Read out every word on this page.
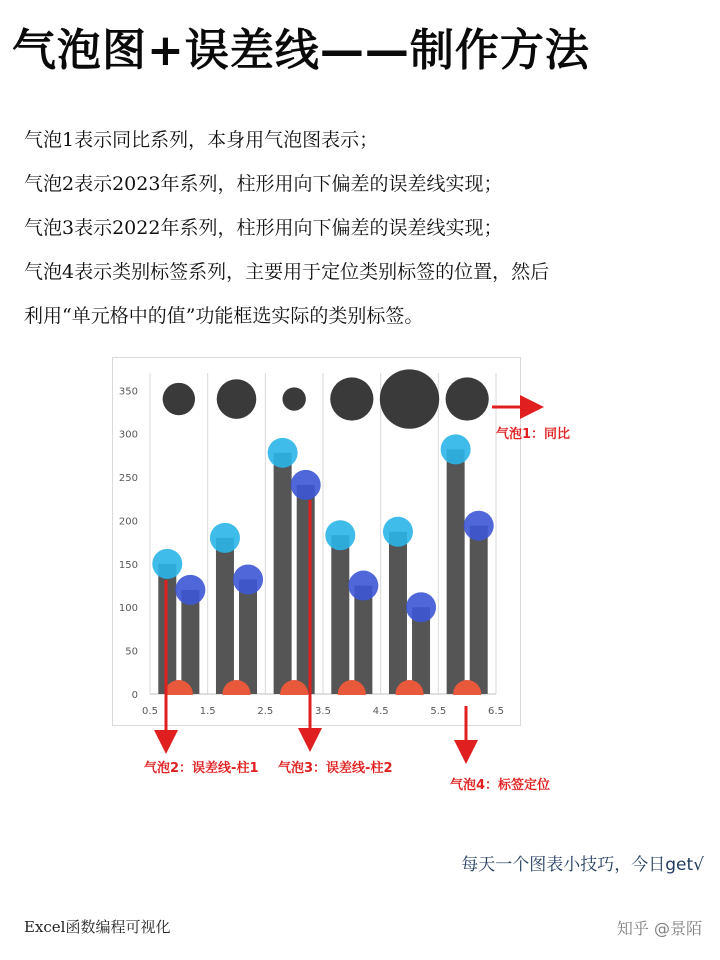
气泡图+误差线——制作方法

气泡1表示同比系列，本身用气泡图表示；

气泡2表示2023年系列，柱形用向下偏差的误差线实现；

气泡3表示2022年系列，柱形用向下偏差的误差线实现；

气泡4表示类别标签系列，主要用于定位类别标签的位置，然后

利用“单元格中的值”功能框选实际的类别标签。

0.5	1.5	2.5	3.5	4.5	5.5	6.5
0
50
100
150
200
250
300
350
气泡1：同比
气泡2：误差线-柱1 气泡3：误差线-柱2
气泡4：标签定位
每天一个图表小技巧，今日get√
Excel函数编程可视化	知乎 @景陌
